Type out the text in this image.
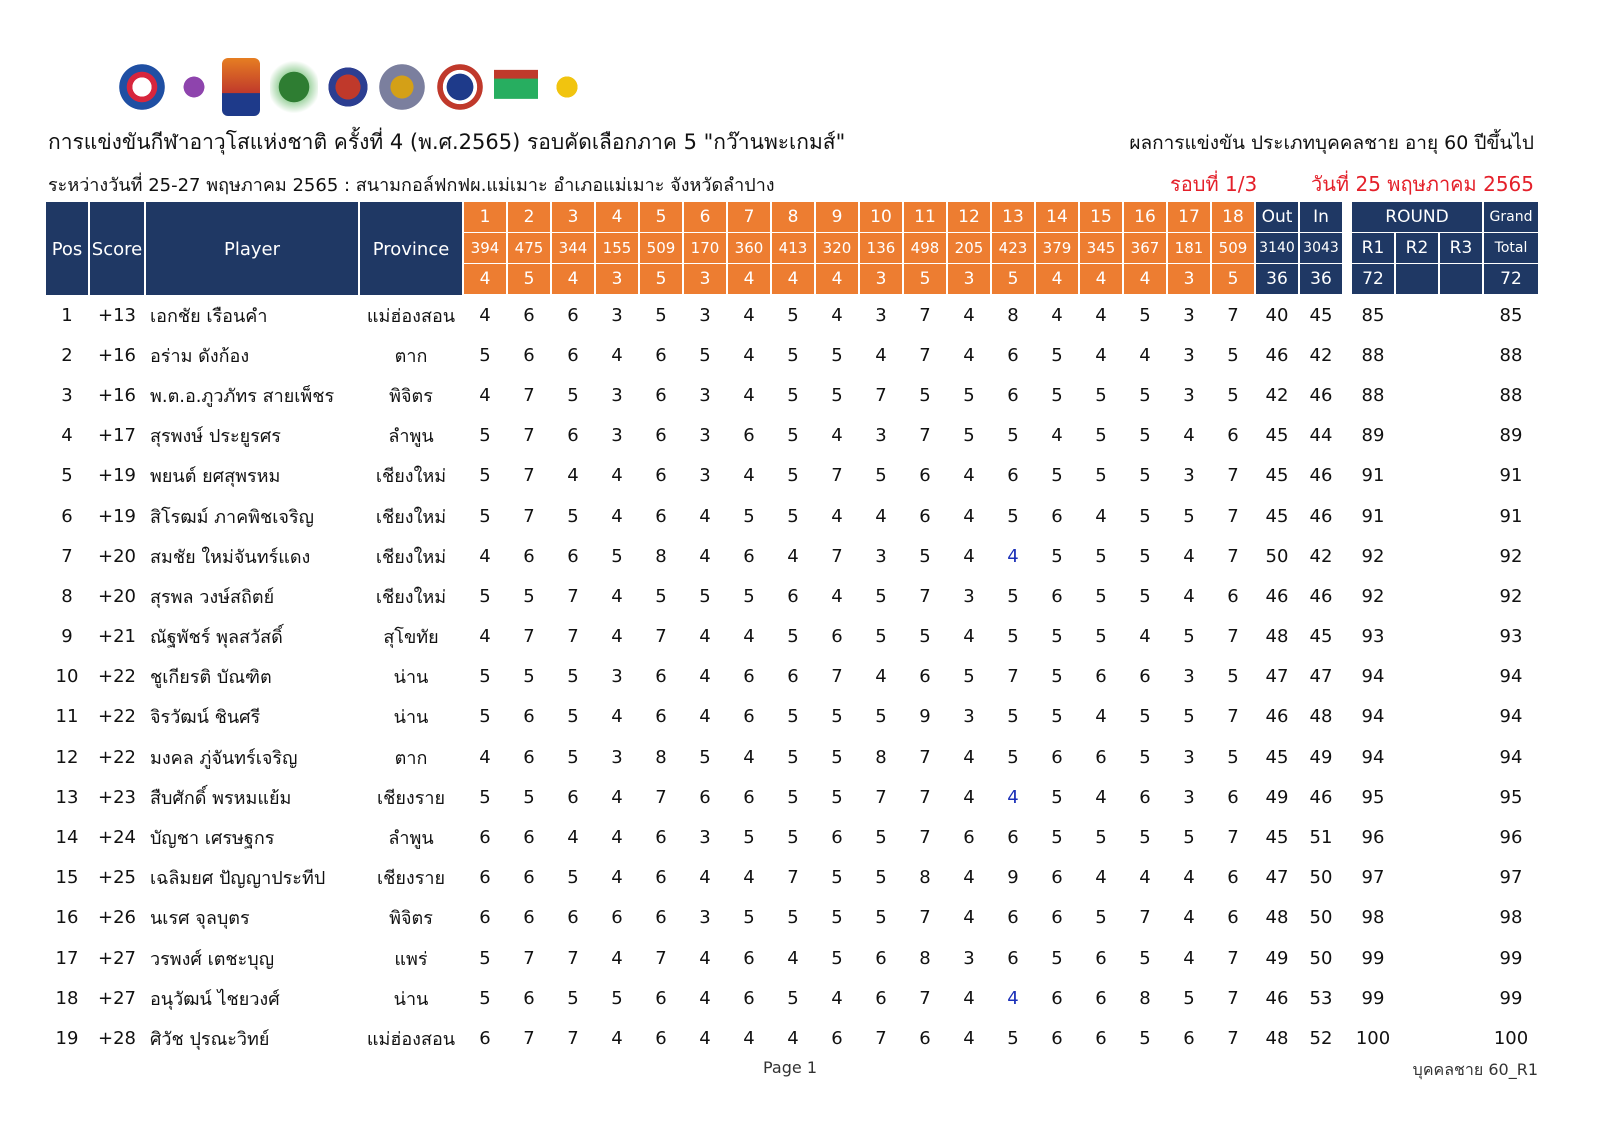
การแข่งขันกีฬาอาวุโสแห่งชาติ ครั้งที่ 4 (พ.ศ.2565) รอบคัดเลือกภาค 5 "กว๊านพะเกมส์"	ผลการแข่งขัน ประเภทบุคคลชาย อายุ 60 ปีขึ้นไป
ระหว่างวันที่ 25-27 พฤษภาคม 2565 : สนามกอล์ฟกฟผ.แม่เมาะ อำเภอแม่เมาะ จังหวัดลำปาง	รอบที่ 1/3	วันที่ 25 พฤษภาคม 2565
Pos	Score	Player	Province	1	2	3	4	5	6	7	8	9	10	11	12	13	14	15	16	17	18	Out	In		ROUND			Grand
				394	475	344	155	509	170	360	413	320	136	498	205	423	379	345	367	181	509	3140	3043		R1	R2	R3	Total
				4	5	4	3	5	3	4	4	4	3	5	3	5	4	4	4	3	5	36	36		72			72
1	+13	เอกชัย เรือนคำ	แม่ฮ่องสอน	4	6	6	3	5	3	4	5	4	3	7	4	8	4	4	5	3	7	40	45		85			85
2	+16	อร่าม ดังก้อง	ตาก	5	6	6	4	6	5	4	5	5	4	7	4	6	5	4	4	3	5	46	42		88			88
3	+16	พ.ต.อ.ภูวภัทร สายเพ็ชร	พิจิตร	4	7	5	3	6	3	4	5	5	7	5	5	6	5	5	5	3	5	42	46		88			88
4	+17	สุรพงษ์ ประยูรศร	ลำพูน	5	7	6	3	6	3	6	5	4	3	7	5	5	4	5	5	4	6	45	44		89			89
5	+19	พยนต์ ยศสุพรหม	เชียงใหม่	5	7	4	4	6	3	4	5	7	5	6	4	6	5	5	5	3	7	45	46		91			91
6	+19	สิโรฒม์ ภาคพิชเจริญ	เชียงใหม่	5	7	5	4	6	4	5	5	4	4	6	4	5	6	4	5	5	7	45	46		91			91
7	+20	สมชัย ใหม่จันทร์แดง	เชียงใหม่	4	6	6	5	8	4	6	4	7	3	5	4	4	5	5	5	4	7	50	42		92			92
8	+20	สุรพล วงษ์สถิตย์	เชียงใหม่	5	5	7	4	5	5	5	6	4	5	7	3	5	6	5	5	4	6	46	46		92			92
9	+21	ณัฐพัชร์ พุลสวัสดิ์	สุโขทัย	4	7	7	4	7	4	4	5	6	5	5	4	5	5	5	4	5	7	48	45		93			93
10	+22	ชูเกียรติ บัณฑิต	น่าน	5	5	5	3	6	4	6	6	7	4	6	5	7	5	6	6	3	5	47	47		94			94
11	+22	จิรวัฒน์ ชินศรี	น่าน	5	6	5	4	6	4	6	5	5	5	9	3	5	5	4	5	5	7	46	48		94			94
12	+22	มงคล ภู่จันทร์เจริญ	ตาก	4	6	5	3	8	5	4	5	5	8	7	4	5	6	6	5	3	5	45	49		94			94
13	+23	สืบศักดิ์ พรหมแย้ม	เชียงราย	5	5	6	4	7	6	6	5	5	7	7	4	4	5	4	6	3	6	49	46		95			95
14	+24	บัญชา เศรษฐกร	ลำพูน	6	6	4	4	6	3	5	5	6	5	7	6	6	5	5	5	5	7	45	51		96			96
15	+25	เฉลิมยศ ปัญญาประทีป	เชียงราย	6	6	5	4	6	4	4	7	5	5	8	4	9	6	4	4	4	6	47	50		97			97
16	+26	นเรศ จุลบุตร	พิจิตร	6	6	6	6	6	3	5	5	5	5	7	4	6	6	5	7	4	6	48	50		98			98
17	+27	วรพงศ์ เตชะบุญ	แพร่	5	7	7	4	7	4	6	4	5	6	8	3	6	5	6	5	4	7	49	50		99			99
18	+27	อนุวัฒน์ ไชยวงศ์	น่าน	5	6	5	5	6	4	6	5	4	6	7	4	4	6	6	8	5	7	46	53		99			99
19	+28	ศิวัช ปุรณะวิทย์	แม่ฮ่องสอน	6	7	7	4	6	4	4	4	6	7	6	4	5	6	6	5	6	7	48	52		100			100
Page 1	บุคคลชาย 60_R1
